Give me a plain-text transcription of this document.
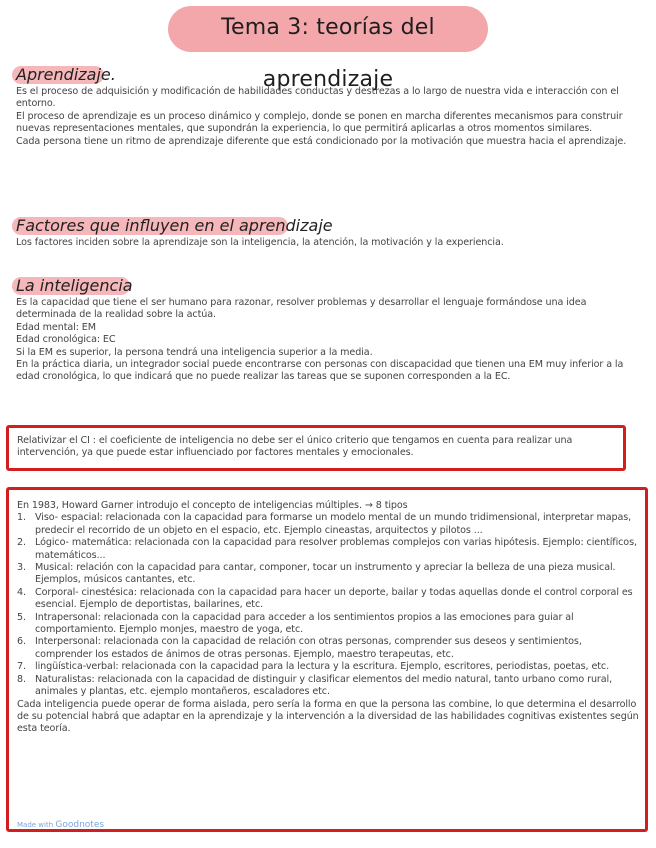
Tema 3: teorías del aprendizaje
Aprendizaje.

Es el proceso de adquisición y modificación de habilidades conductas y destrezas a lo largo de nuestra vida e interacción con el entorno.

El proceso de aprendizaje es un proceso dinámico y complejo, donde se ponen en marcha diferentes mecanismos para construir nuevas representaciones mentales, que supondrán la experiencia, lo que permitirá aplicarlas a otros momentos similares.

Cada persona tiene un ritmo de aprendizaje diferente que está condicionado por la motivación que muestra hacia el aprendizaje.

Factores que influyen en el aprendizaje

Los factores inciden sobre la aprendizaje son la inteligencia, la atención, la motivación y la experiencia.

La inteligencia

Es la capacidad que tiene el ser humano para razonar, resolver problemas y desarrollar el lenguaje formándose una idea determinada de la realidad sobre la actúa.

Edad mental: EM

Edad cronológica: EC

Si la EM es superior, la persona tendrá una inteligencia superior a la media.

En la práctica diaria, un integrador social puede encontrarse con personas con discapacidad que tienen una EM muy inferior a la edad cronológica, lo que indicará que no puede realizar las tareas que se suponen corresponden a la EC.

Relativizar el CI : el coeficiente de inteligencia no debe ser el único criterio que tengamos en cuenta para realizar una intervención, ya que puede estar influenciado por factores mentales y emocionales.

En 1983, Howard Garner introdujo el concepto de inteligencias múltiples. → 8 tipos

1. Viso- espacial: relacionada con la capacidad para formarse un modelo mental de un mundo tridimensional, interpretar mapas, predecir el recorrido de un objeto en el espacio, etc. Ejemplo cineastas, arquitectos y pilotos ...
2. Lógico- matemática: relacionada con la capacidad para resolver problemas complejos con varias hipótesis. Ejemplo: científicos, matemáticos...
3. Musical: relación con la capacidad para cantar, componer, tocar un instrumento y apreciar la belleza de una pieza musical. Ejemplos, músicos cantantes, etc.
4. Corporal- cinestésica: relacionada con la capacidad para hacer un deporte, bailar y todas aquellas donde el control corporal es esencial. Ejemplo de deportistas, bailarines, etc.
5. Intrapersonal: relacionada con la capacidad para acceder a los sentimientos propios a las emociones para guiar al comportamiento. Ejemplo monjes, maestro de yoga, etc.
6. Interpersonal: relacionada con la capacidad de relación con otras personas, comprender sus deseos y sentimientos, comprender los estados de ánimos de otras personas. Ejemplo, maestro terapeutas, etc.
7. lingüística-verbal: relacionada con la capacidad para la lectura y la escritura. Ejemplo, escritores, periodistas, poetas, etc.
8. Naturalistas: relacionada con la capacidad de distinguir y clasificar elementos del medio natural, tanto urbano como rural, animales y plantas, etc. ejemplo montañeros, escaladores etc.

Cada inteligencia puede operar de forma aislada, pero sería la forma en que la persona las combine, lo que determina el desarrollo de su potencial habrá que adaptar en la aprendizaje y la intervención a la diversidad de las habilidades cognitivas existentes según esta teoría.

Made with Goodnotes
